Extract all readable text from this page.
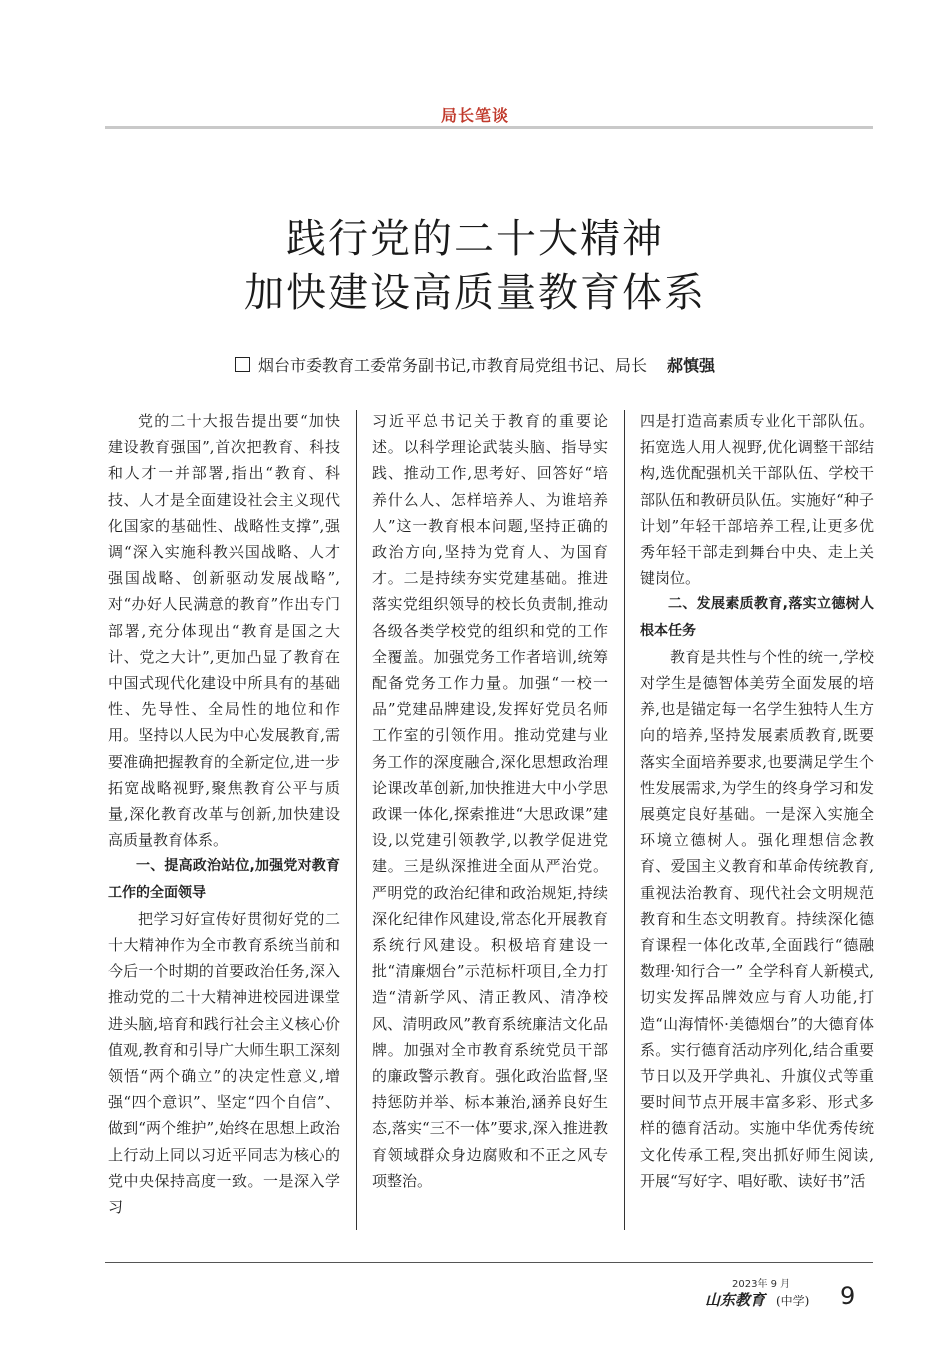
局长笔谈
践行党的二十大精神
加快建设高质量教育体系
烟台市委教育工委常务副书记,市教育局党组书记、局长 郝慎强

党的二十大报告提出要“加快建设教育强国”,首次把教育、科技和人才一并部署,指出“教育、科技、人才是全面建设社会主义现代化国家的基础性、战略性支撑”,强调“深入实施科教兴国战略、人才强国战略、创新驱动发展战略”,对“办好人民满意的教育”作出专门部署,充分体现出“教育是国之大计、党之大计”,更加凸显了教育在中国式现代化建设中所具有的基础性、先导性、全局性的地位和作用。坚持以人民为中心发展教育,需要准确把握教育的全新定位,进一步拓宽战略视野,聚焦教育公平与质量,深化教育改革与创新,加快建设高质量教育体系。

一、提高政治站位,加强党对教育工作的全面领导

把学习好宣传好贯彻好党的二十大精神作为全市教育系统当前和今后一个时期的首要政治任务,深入推动党的二十大精神进校园进课堂进头脑,培育和践行社会主义核心价值观,教育和引导广大师生职工深刻领悟“两个确立”的决定性意义,增强“四个意识”、坚定“四个自信”、做到“两个维护”,始终在思想上政治上行动上同以习近平同志为核心的党中央保持高度一致。一是深入学习

四是打造高素质专业化干部队伍。拓宽选人用人视野,优化调整干部结构,选优配强机关干部队伍、学校干部队伍和教研员队伍。实施好“种子计划”年轻干部培养工程,让更多优秀年轻干部走到舞台中央、走上关键岗位。

二、发展素质教育,落实立德树人根本任务

教育是共性与个性的统一,学校对学生是德智体美劳全面发展的培养,也是锚定每一名学生独特人生方向的培养,坚持发展素质教育,既要落实全面培养要求,也要满足学生个性发展需求,为学生的终身学习和发展奠定良好基础。一是深入实施全环境立德树人。强化理想信念教育、爱国主义教育和革命传统教育,重视法治教育、现代社会文明规范教育和生态文明教育。持续深化德育课程一体化改革,全面践行“德融数理·知行合一” 全学科育人新模式,切实发挥品牌效应与育人功能,打造“山海情怀·美德烟台”的大德育体系。实行德育活动序列化,结合重要节日以及开学典礼、升旗仪式等重要时间节点开展丰富多彩、形式多样的德育活动。实施中华优秀传统文化传承工程,突出抓好师生阅读,开展“写好字、唱好歌、读好书”活

2023年 9 月
山东教育 (中学) 9

习近平总书记关于教育的重要论述。以科学理论武装头脑、指导实践、推动工作,思考好、回答好“培养什么人、怎样培养人、为谁培养人”这一教育根本问题,坚持正确的政治方向,坚持为党育人、为国育才。二是持续夯实党建基础。推进落实党组织领导的校长负责制,推动各级各类学校党的组织和党的工作全覆盖。加强党务工作者培训,统筹配备党务工作力量。加强“一校一品”党建品牌建设,发挥好党员名师工作室的引领作用。推动党建与业务工作的深度融合,深化思想政治理论课改革创新,加快推进大中小学思政课一体化,探索推进“大思政课”建设,以党建引领教学,以教学促进党建。三是纵深推进全面从严治党。严明党的政治纪律和政治规矩,持续深化纪律作风建设,常态化开展教育系统行风建设。积极培育建设一批“清廉烟台”示范标杆项目,全力打造“清新学风、清正教风、清净校风、清明政风”教育系统廉洁文化品牌。加强对全市教育系统党员干部的廉政警示教育。强化政治监督,坚持惩防并举、标本兼治,涵养良好生态,落实“三不一体”要求,深入推进教育领域群众身边腐败和不正之风专项整治。
